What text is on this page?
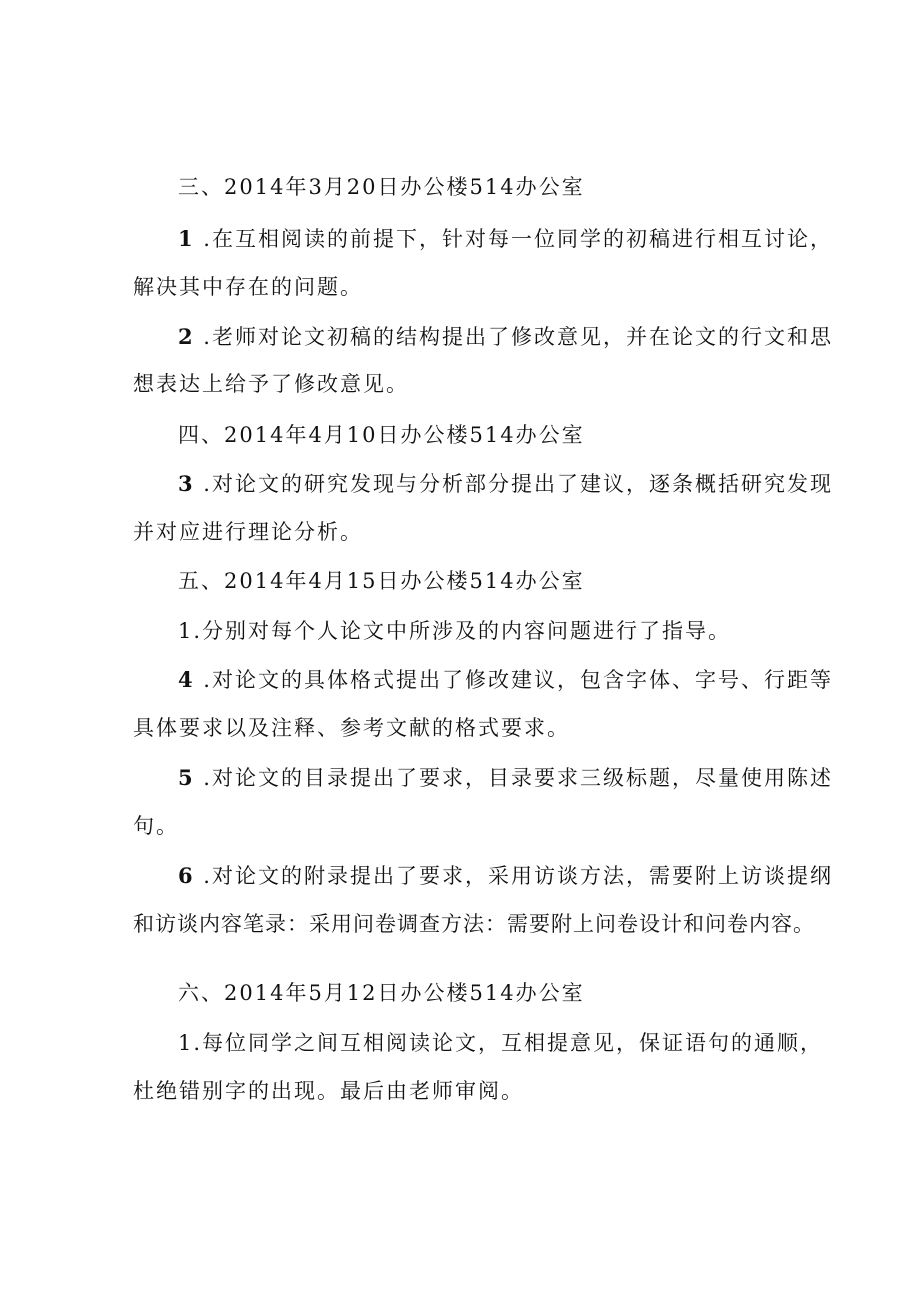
三、2014年3月20日办公楼514办公室
1 .在互相阅读的前提下，针对每一位同学的初稿进行相互讨论，
解决其中存在的问题。
2 .老师对论文初稿的结构提出了修改意见，并在论文的行文和思
想表达上给予了修改意见。
四、2014年4月10日办公楼514办公室
3 .对论文的研究发现与分析部分提出了建议，逐条概括研究发现
并对应进行理论分析。
五、2014年4月15日办公楼514办公室
1.分别对每个人论文中所涉及的内容问题进行了指导。
4 .对论文的具体格式提出了修改建议，包含字体、字号、行距等
具体要求以及注释、参考文献的格式要求。
5 .对论文的目录提出了要求，目录要求三级标题，尽量使用陈述
句。
6 .对论文的附录提出了要求，采用访谈方法，需要附上访谈提纲
和访谈内容笔录：采用问卷调查方法：需要附上问卷设计和问卷内容。
六、2014年5月12日办公楼514办公室
1.每位同学之间互相阅读论文，互相提意见，保证语句的通顺，
杜绝错别字的出现。最后由老师审阅。
